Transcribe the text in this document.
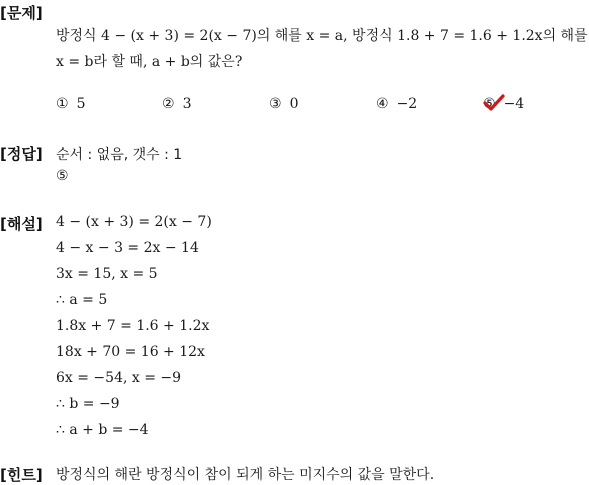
[문제]
[정답]
[해설]
[힌트]
방정식 4 − (x + 3) = 2(x − 7)의 해를 x = a, 방정식 1.8 + 7 = 1.6 + 1.2x의 해를
x = b라 할 때, a + b의 값은?
① 5	② 3	③ 0	④ −2	⑤ −4
순서 : 없음, 갯수 : 1
⑤
4 − (x + 3) = 2(x − 7)
4 − x − 3 = 2x − 14
3x = 15, x = 5
∴ a = 5
1.8x + 7 = 1.6 + 1.2x
18x + 70 = 16 + 12x
6x = −54, x = −9
∴ b = −9
∴ a + b = −4
방정식의 해란 방정식이 참이 되게 하는 미지수의 값을 말한다.
